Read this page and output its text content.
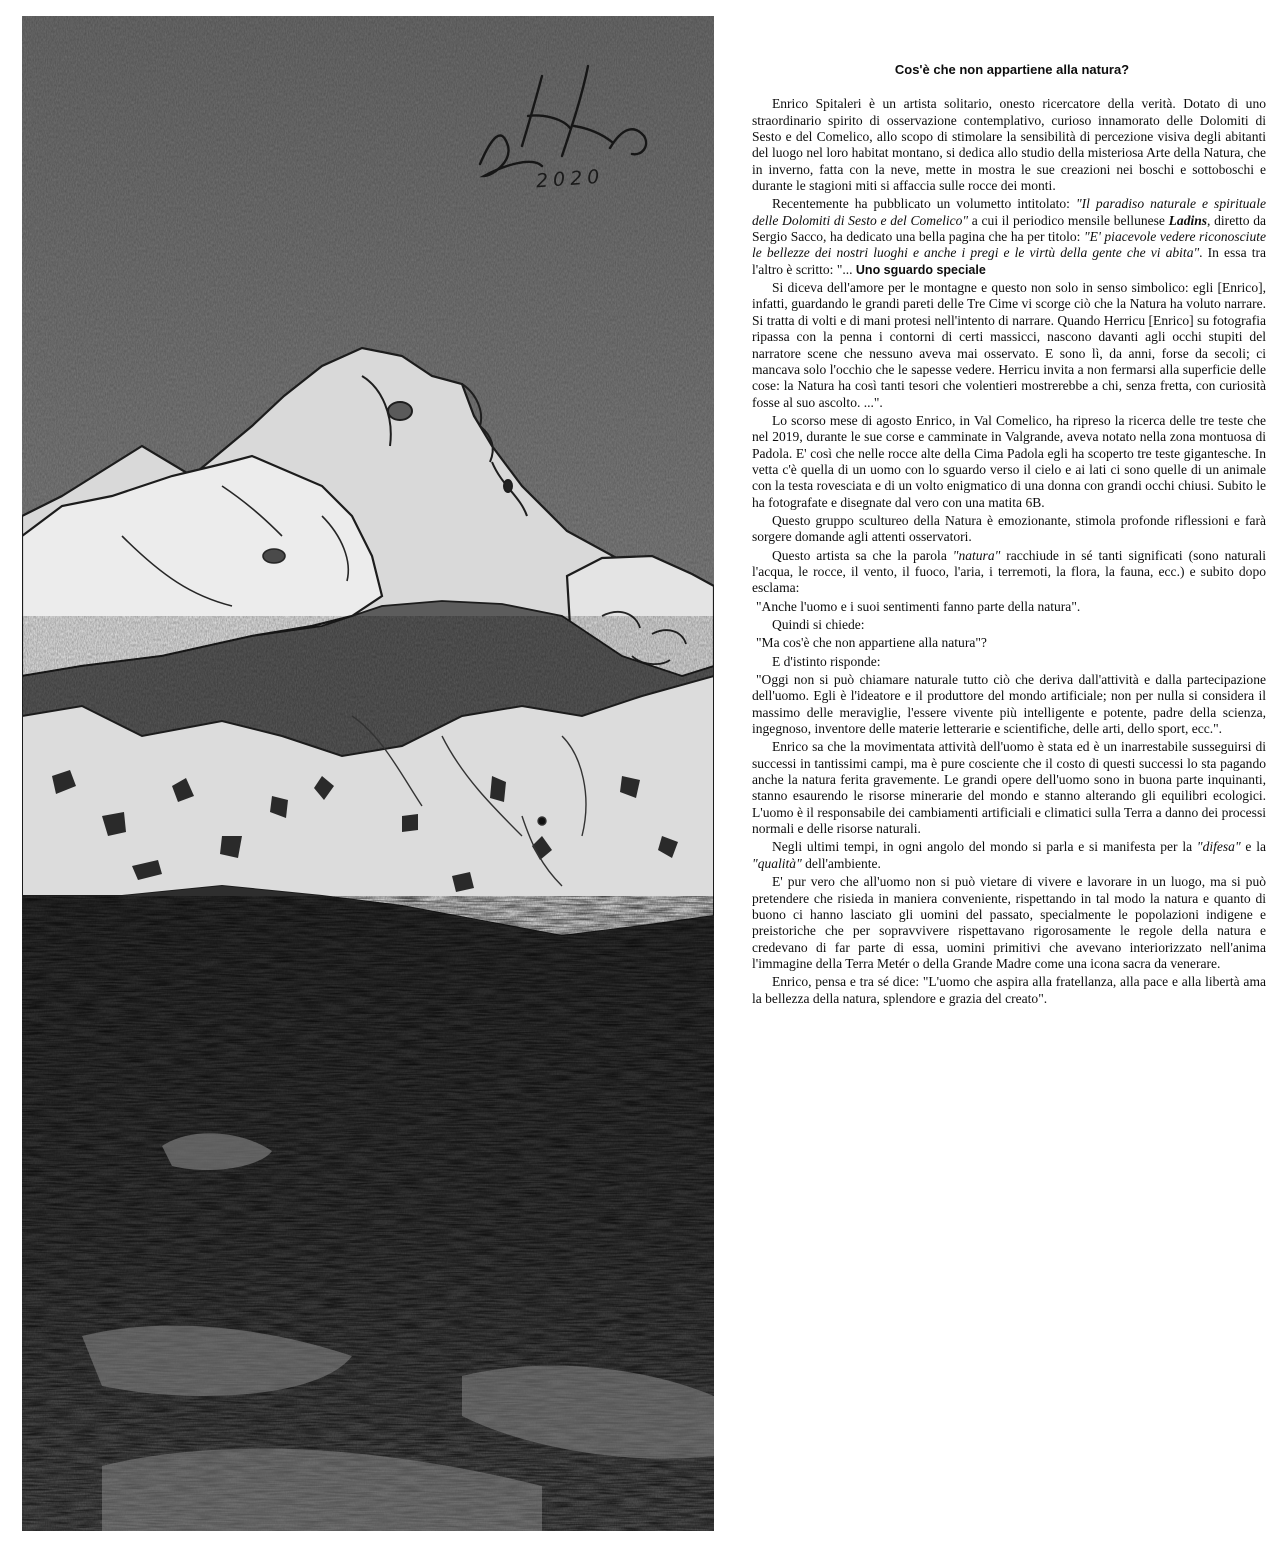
2020
Cos'è che non appartiene alla natura?

Enrico Spitaleri è un artista solitario, onesto ricercatore della verità. Dotato di uno straordinario spirito di osservazione contemplativo, curioso innamorato delle Dolomiti di Sesto e del Comelico, allo scopo di stimolare la sensibilità di percezione visiva degli abitanti del luogo nel loro habitat montano, si dedica allo studio della misteriosa Arte della Natura, che in inverno, fatta con la neve, mette in mostra le sue creazioni nei boschi e sottoboschi e durante le stagioni miti si affaccia sulle rocce dei monti.

Recentemente ha pubblicato un volumetto intitolato: "Il paradiso naturale e spirituale delle Dolomiti di Sesto e del Comelico" a cui il periodico mensile bellunese Ladins, diretto da Sergio Sacco, ha dedicato una bella pagina che ha per titolo: "E' piacevole vedere riconosciute le bellezze dei nostri luoghi e anche i pregi e le virtù della gente che vi abita". In essa tra l'altro è scritto: "... Uno sguardo speciale

Si diceva dell'amore per le montagne e questo non solo in senso simbolico: egli [Enrico], infatti, guardando le grandi pareti delle Tre Cime vi scorge ciò che la Natura ha voluto narrare. Si tratta di volti e di mani protesi nell'intento di narrare. Quando Herricu [Enrico] su fotografia ripassa con la penna i contorni di certi massicci, nascono davanti agli occhi stupiti del narratore scene che nessuno aveva mai osservato. E sono lì, da anni, forse da secoli; ci mancava solo l'occhio che le sapesse vedere. Herricu invita a non fermarsi alla superficie delle cose: la Natura ha così tanti tesori che volentieri mostrerebbe a chi, senza fretta, con curiosità fosse al suo ascolto. ...".

Lo scorso mese di agosto Enrico, in Val Comelico, ha ripreso la ricerca delle tre teste che nel 2019, durante le sue corse e camminate in Valgrande, aveva notato nella zona montuosa di Padola. E' così che nelle rocce alte della Cima Padola egli ha scoperto tre teste gigantesche. In vetta c'è quella di un uomo con lo sguardo verso il cielo e ai lati ci sono quelle di un animale con la testa rovesciata e di un volto enigmatico di una donna con grandi occhi chiusi. Subito le ha fotografate e disegnate dal vero con una matita 6B.

Questo gruppo scultureo della Natura è emozionante, stimola profonde riflessioni e farà sorgere domande agli attenti osservatori.

Questo artista sa che la parola "natura" racchiude in sé tanti significati (sono naturali l'acqua, le rocce, il vento, il fuoco, l'aria, i terremoti, la flora, la fauna, ecc.) e subito dopo esclama:

"Anche l'uomo e i suoi sentimenti fanno parte della natura".

Quindi si chiede:

"Ma cos'è che non appartiene alla natura"?

E d'istinto risponde:

"Oggi non si può chiamare naturale tutto ciò che deriva dall'attività e dalla partecipazione dell'uomo. Egli è l'ideatore e il produttore del mondo artificiale; non per nulla si considera il massimo delle meraviglie, l'essere vivente più intelligente e potente, padre della scienza, ingegnoso, inventore delle materie letterarie e scientifiche, delle arti, dello sport, ecc.".

Enrico sa che la movimentata attività dell'uomo è stata ed è un inarrestabile susseguirsi di successi in tantissimi campi, ma è pure cosciente che il costo di questi successi lo sta pagando anche la natura ferita gravemente. Le grandi opere dell'uomo sono in buona parte inquinanti, stanno esaurendo le risorse minerarie del mondo e stanno alterando gli equilibri ecologici. L'uomo è il responsabile dei cambiamenti artificiali e climatici sulla Terra a danno dei processi normali e delle risorse naturali.

Negli ultimi tempi, in ogni angolo del mondo si parla e si manifesta per la "difesa" e la "qualità" dell'ambiente.

E' pur vero che all'uomo non si può vietare di vivere e lavorare in un luogo, ma si può pretendere che risieda in maniera conveniente, rispettando in tal modo la natura e quanto di buono ci hanno lasciato gli uomini del passato, specialmente le popolazioni indigene e preistoriche che per sopravvivere rispettavano rigorosamente le regole della natura e credevano di far parte di essa, uomini primitivi che avevano interiorizzato nell'anima l'immagine della Terra Metér o della Grande Madre come una icona sacra da venerare.

Enrico, pensa e tra sé dice: "L'uomo che aspira alla fratellanza, alla pace e alla libertà ama la bellezza della natura, splendore e grazia del creato".
